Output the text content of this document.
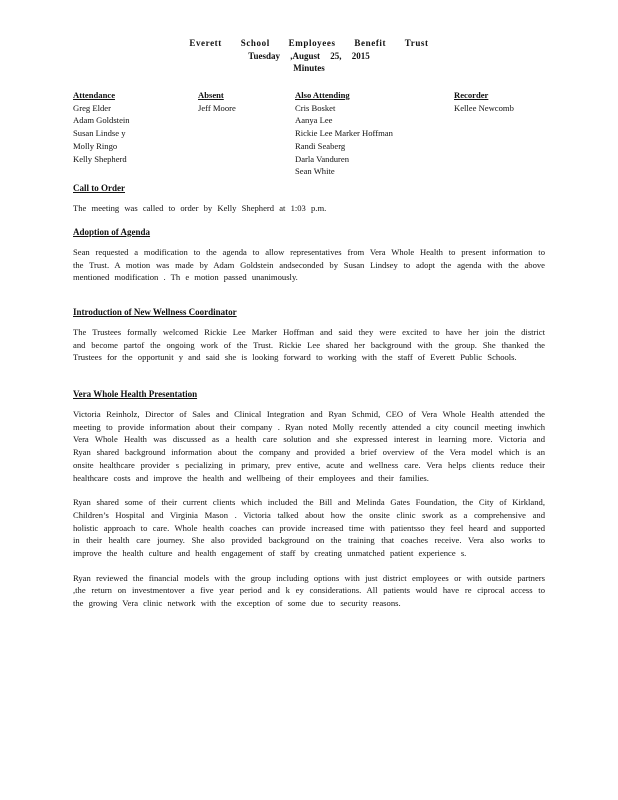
Everett School Employees Benefit Trust
Tuesday ,August 25, 2015
Minutes
Attendance
Greg Elder
Adam Goldstein
Susan Lindse y
Molly Ringo
Kelly Shepherd
Absent
Jeff Moore
Also Attending
Cris Bosket
Aanya Lee
Rickie Lee Marker Hoffman
Randi Seaberg
Darla Vanduren
Sean White
Recorder
Kellee Newcomb
Call to Order

The meeting was called to order by Kelly Shepherd at 1:03 p.m.

Adoption of Agenda

Sean requested a modification to the agenda to allow representatives from Vera Whole Health to present information to the Trust. A motion was made by Adam Goldstein andseconded by Susan Lindsey to adopt the agenda with the above mentioned modification . Th e motion passed unanimously.

Introduction of New Wellness Coordinator

The Trustees formally welcomed Rickie Lee Marker Hoffman and said they were excited to have her join the district and become partof the ongoing work of the Trust. Rickie Lee shared her background with the group. She thanked the Trustees for the opportunit y and said she is looking forward to working with the staff of Everett Public Schools.

Vera Whole Health Presentation

Victoria Reinholz, Director of Sales and Clinical Integration and Ryan Schmid, CEO of Vera Whole Health attended the meeting to provide information about their company . Ryan noted Molly recently attended a city council meeting inwhich Vera Whole Health was discussed as a health care solution and she expressed interest in learning more. Victoria and Ryan shared background information about the company and provided a brief overview of the Vera model which is an onsite healthcare provider s pecializing in primary, prev entive, acute and wellness care. Vera helps clients reduce their healthcare costs and improve the health and wellbeing of their employees and their families.

Ryan shared some of their current clients which included the Bill and Melinda Gates Foundation, the City of Kirkland, Children’s Hospital and Virginia Mason . Victoria talked about how the onsite clinic swork as a comprehensive and holistic approach to care. Whole health coaches can provide increased time with patientsso they feel heard and supported in their health care journey. She also provided background on the training that coaches receive. Vera also works to improve the health culture and health engagement of staff by creating unmatched patient experience s.

Ryan reviewed the financial models with the group including options with just district employees or with outside partners ,the return on investmentover a five year period and k ey considerations. All patients would have re ciprocal access to the growing Vera clinic network with the exception of some due to security reasons.
